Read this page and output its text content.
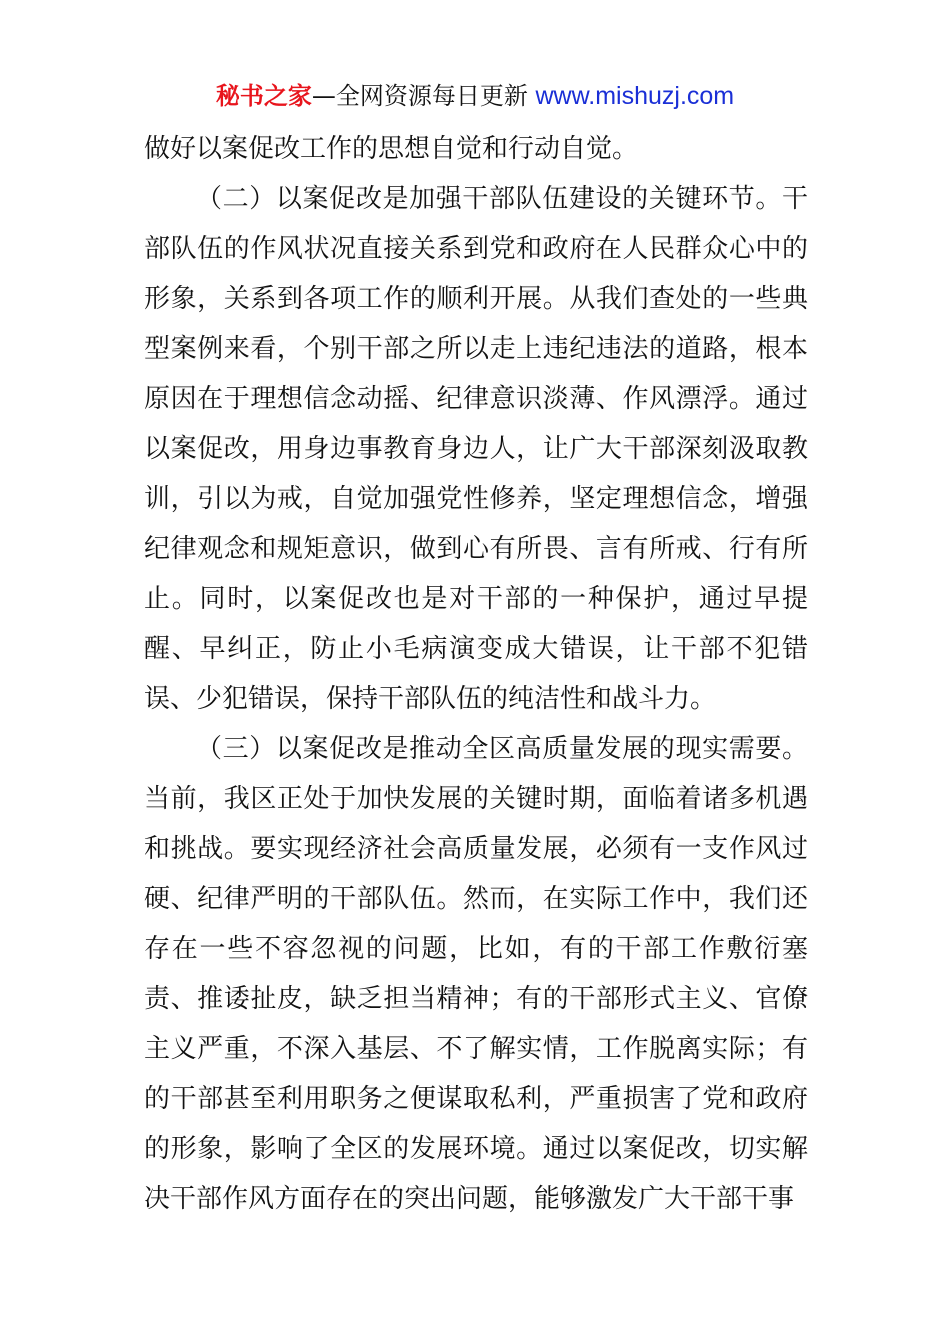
秘书之家—全网资源每日更新 www.mishuzj.com

做好以案促改工作的思想自觉和行动自觉。

（二）以案促改是加强干部队伍建设的关键环节。干部队伍的作风状况直接关系到党和政府在人民群众心中的形象，关系到各项工作的顺利开展。从我们查处的一些典型案例来看，个别干部之所以走上违纪违法的道路，根本原因在于理想信念动摇、纪律意识淡薄、作风漂浮。通过以案促改，用身边事教育身边人，让广大干部深刻汲取教训，引以为戒，自觉加强党性修养，坚定理想信念，增强纪律观念和规矩意识，做到心有所畏、言有所戒、行有所止。同时，以案促改也是对干部的一种保护，通过早提醒、早纠正，防止小毛病演变成大错误，让干部不犯错误、少犯错误，保持干部队伍的纯洁性和战斗力。

（三）以案促改是推动全区高质量发展的现实需要。当前，我区正处于加快发展的关键时期，面临着诸多机遇和挑战。要实现经济社会高质量发展，必须有一支作风过硬、纪律严明的干部队伍。然而，在实际工作中，我们还存在一些不容忽视的问题，比如，有的干部工作敷衍塞责、推诿扯皮，缺乏担当精神；有的干部形式主义、官僚主义严重，不深入基层、不了解实情，工作脱离实际；有的干部甚至利用职务之便谋取私利，严重损害了党和政府的形象，影响了全区的发展环境。通过以案促改，切实解决干部作风方面存在的突出问题，能够激发广大干部干事
